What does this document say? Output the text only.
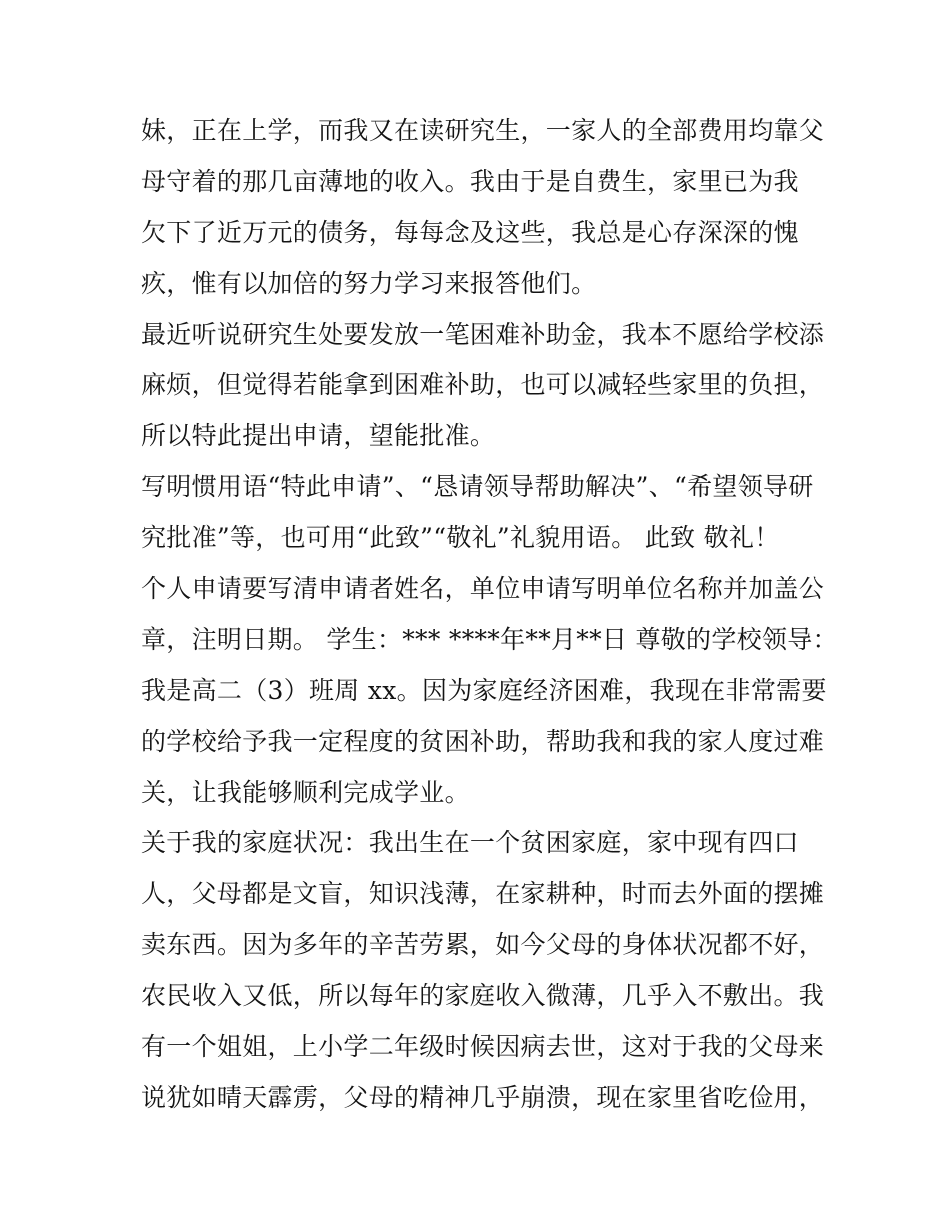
妹，正在上学，而我又在读研究生，一家人的全部费用均靠父
母守着的那几亩薄地的收入。我由于是自费生，家里已为我
欠下了近万元的债务，每每念及这些，我总是心存深深的愧
疚，惟有以加倍的努力学习来报答他们。
最近听说研究生处要发放一笔困难补助金，我本不愿给学校添
麻烦，但觉得若能拿到困难补助，也可以减轻些家里的负担，
所以特此提出申请，望能批准。
写明惯用语“特此申请”、“恳请领导帮助解决”、“希望领导研
究批准”等，也可用“此致”“敬礼”礼貌用语。 此致 敬礼！
个人申请要写清申请者姓名，单位申请写明单位名称并加盖公
章，注明日期。 学生：*** ****年**月**日 尊敬的学校领导：
我是高二（3）班周 xx。因为家庭经济困难，我现在非常需要
的学校给予我一定程度的贫困补助，帮助我和我的家人度过难
关，让我能够顺利完成学业。
关于我的家庭状况：我出生在一个贫困家庭，家中现有四口
人，父母都是文盲，知识浅薄，在家耕种，时而去外面的摆摊
卖东西。因为多年的辛苦劳累，如今父母的身体状况都不好，
农民收入又低，所以每年的家庭收入微薄，几乎入不敷出。我
有一个姐姐，上小学二年级时候因病去世，这对于我的父母来
说犹如晴天霹雳，父母的精神几乎崩溃，现在家里省吃俭用，
